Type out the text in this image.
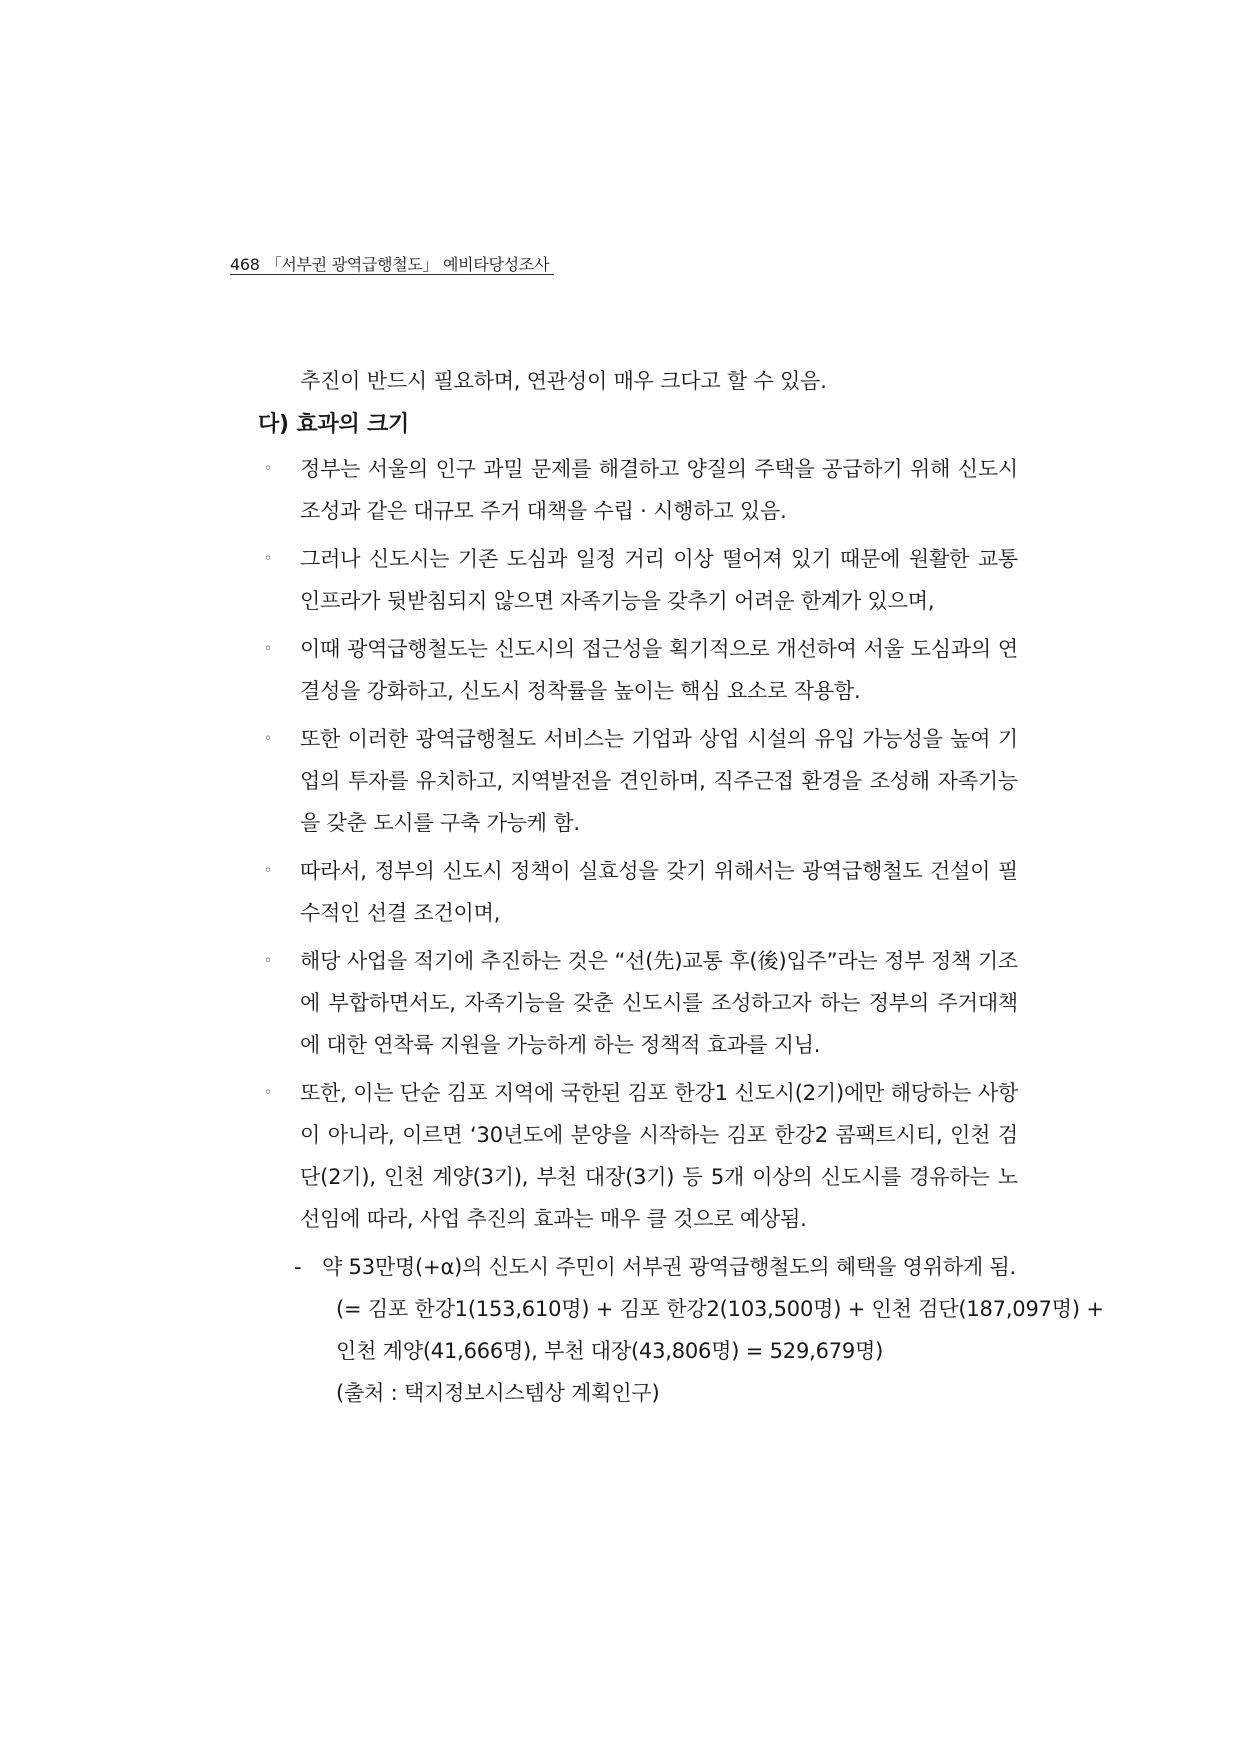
468 「서부권 광역급행철도」 예비타당성조사
추진이 반드시 필요하며, 연관성이 매우 크다고 할 수 있음.
다) 효과의 크기
◦ 정부는 서울의 인구 과밀 문제를 해결하고 양질의 주택을 공급하기 위해 신도시 조성과 같은 대규모 주거 대책을 수립 · 시행하고 있음.
◦ 그러나 신도시는 기존 도심과 일정 거리 이상 떨어져 있기 때문에 원활한 교통 인프라가 뒷받침되지 않으면 자족기능을 갖추기 어려운 한계가 있으며,
◦ 이때 광역급행철도는 신도시의 접근성을 획기적으로 개선하여 서울 도심과의 연결성을 강화하고, 신도시 정착률을 높이는 핵심 요소로 작용함.
◦ 또한 이러한 광역급행철도 서비스는 기업과 상업 시설의 유입 가능성을 높여 기업의 투자를 유치하고, 지역발전을 견인하며, 직주근접 환경을 조성해 자족기능을 갖춘 도시를 구축 가능케 함.
◦ 따라서, 정부의 신도시 정책이 실효성을 갖기 위해서는 광역급행철도 건설이 필수적인 선결 조건이며,
◦ 해당 사업을 적기에 추진하는 것은 “선(先)교통 후(後)입주”라는 정부 정책 기조에 부합하면서도, 자족기능을 갖춘 신도시를 조성하고자 하는 정부의 주거대책에 대한 연착륙 지원을 가능하게 하는 정책적 효과를 지님.
◦ 또한, 이는 단순 김포 지역에 국한된 김포 한강1 신도시(2기)에만 해당하는 사항이 아니라, 이르면 ‘30년도에 분양을 시작하는 김포 한강2 콤팩트시티, 인천 검단(2기), 인천 계양(3기), 부천 대장(3기) 등 5개 이상의 신도시를 경유하는 노선임에 따라, 사업 추진의 효과는 매우 클 것으로 예상됨.
- 약 53만명(+α)의 신도시 주민이 서부권 광역급행철도의 혜택을 영위하게 됨.
(= 김포 한강1(153,610명) + 김포 한강2(103,500명) + 인천 검단(187,097명) +
인천 계양(41,666명), 부천 대장(43,806명) = 529,679명)
(출처 : 택지정보시스템상 계획인구)
